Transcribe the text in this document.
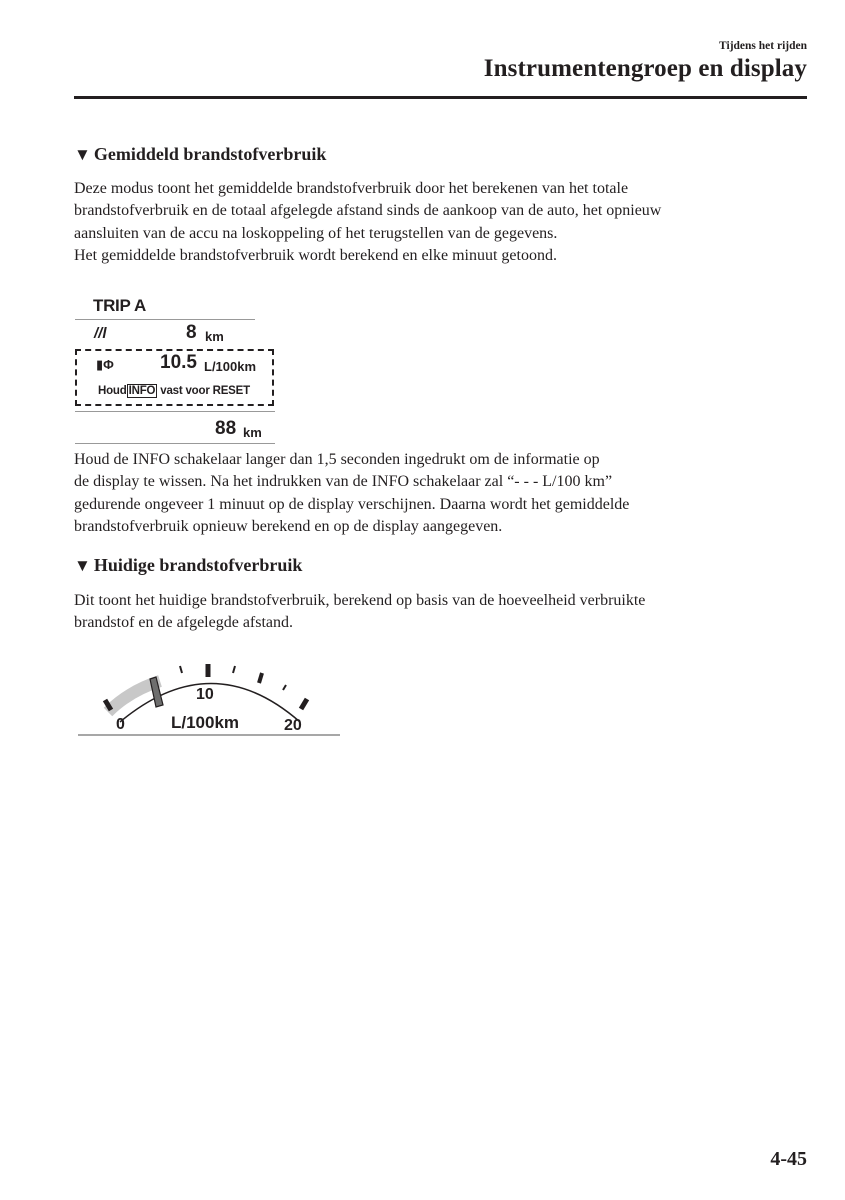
Tijdens het rijden
Instrumentengroep en display
▼ Gemiddeld brandstofverbruik
Deze modus toont het gemiddelde brandstofverbruik door het berekenen van het totale
brandstofverbruik en de totaal afgelegde afstand sinds de aankoop van de auto, het opnieuw
aansluiten van de accu na loskoppeling of het terugstellen van de gegevens.
Het gemiddelde brandstofverbruik wordt berekend en elke minuut getoond.
TRIP A
//l	8 km
▮Φ 10.5 L/100km
Houd INFO vast voor RESET
88 km
Houd de INFO schakelaar langer dan 1,5 seconden ingedrukt om de informatie op
de display te wissen. Na het indrukken van de INFO schakelaar zal “- - - L/100 km”
gedurende ongeveer 1 minuut op de display verschijnen. Daarna wordt het gemiddelde
brandstofverbruik opnieuw berekend en op de display aangegeven.
▼ Huidige brandstofverbruik
Dit toont het huidige brandstofverbruik, berekend op basis van de hoeveelheid verbruikte
brandstof en de afgelegde afstand.
10
0	L/100km	20
4-45
